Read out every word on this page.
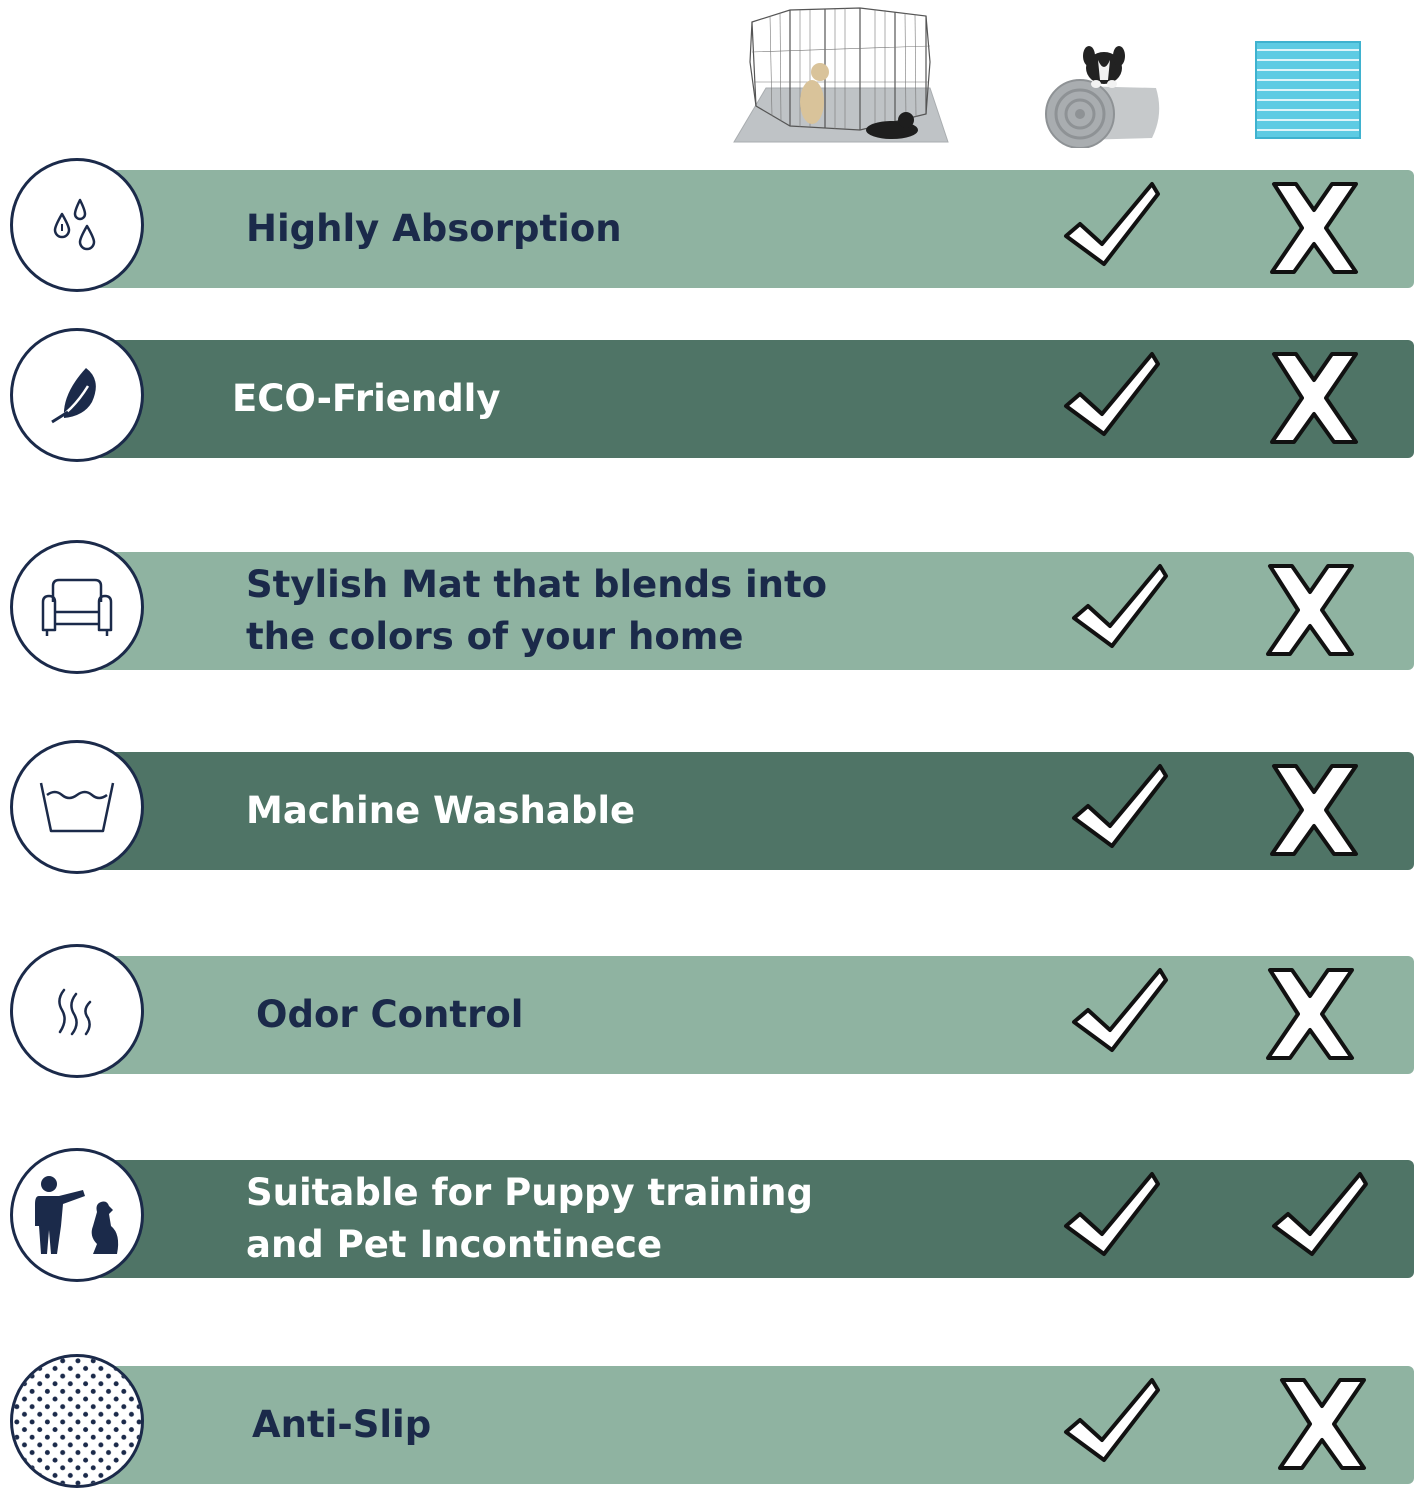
Highly Absorption
ECO-Friendly
Stylish Mat that blends into
the colors of your home
Machine Washable
Odor Control
Suitable for Puppy training
and Pet Incontinece
Anti-Slip
